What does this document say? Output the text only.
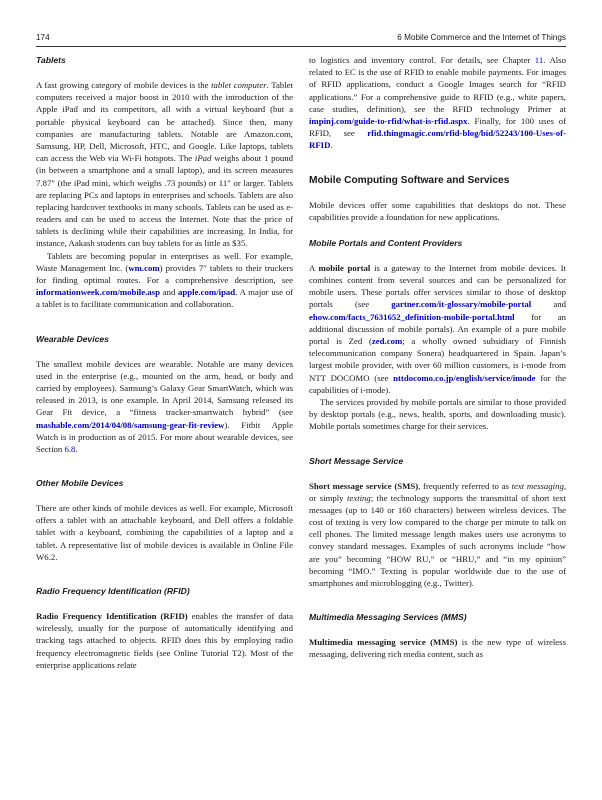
174	6 Mobile Commerce and the Internet of Things
Tablets

A fast growing category of mobile devices is the tablet computer. Tablet computers received a major boost in 2010 with the introduction of the Apple iPad and its competitors, all with a virtual keyboard (but a portable physical keyboard can be attached). Since then, many companies are manufacturing tablets. Notable are Amazon.com, Samsung, HP, Dell, Microsoft, HTC, and Google. Like laptops, tablets can access the Web via Wi-Fi hotspots. The iPad weighs about 1 pound (in between a smartphone and a small laptop), and its screen measures 7.87″ (the iPad mini, which weighs .73 pounds) or 11″ or larger. Tablets are replacing PCs and laptops in enterprises and schools. Tablets are also replacing hardcover textbooks in many schools. Tablets can be used as e-readers and can be used to access the Internet. Note that the price of tablets is declining while their capabilities are increasing. In India, for instance, Aakash students can buy tablets for as little as $35.

Tablets are becoming popular in enterprises as well. For example, Waste Management Inc. (wm.com) provides 7″ tablets to their truckers for finding optimal routes. For a comprehensive description, see informationweek.com/mobile.asp and apple.com/ipad. A major use of a tablet is to facilitate communication and collaboration.

Wearable Devices

The smallest mobile devices are wearable. Notable are many devices used in the enterprise (e.g., mounted on the arm, head, or body and carried by employees). Samsung’s Galaxy Gear SmartWatch, which was released in 2013, is one example. In April 2014, Samsung released its Gear Fit device, a “fitness tracker-smartwatch hybrid” (see mashable.com/2014/04/08/samsung-gear-fit-review). Fitbit Apple Watch is in production as of 2015. For more about wearable devices, see Section 6.8.

Other Mobile Devices

There are other kinds of mobile devices as well. For example, Microsoft offers a tablet with an attachable keyboard, and Dell offers a foldable tablet with a keyboard, combining the capabilities of a laptop and a tablet. A representative list of mobile devices is available in Online File W6.2.

Radio Frequency Identification (RFID)

Radio Frequency Identification (RFID) enables the transfer of data wirelessly, usually for the purpose of automatically identifying and tracking tags attached to objects. RFID does this by employing radio frequency electromagnetic fields (see Online Tutorial T2). Most of the enterprise applications relate

to logistics and inventory control. For details, see Chapter 11. Also related to EC is the use of RFID to enable mobile payments. For images of RFID applications, conduct a Google Images search for “RFID applications.” For a comprehensive guide to RFID (e.g., white papers, case studies, definition), see the RFID technology Primer at impinj.com/guide-to-rfid/what-is-rfid.aspx. Finally, for 100 uses of RFID, see rfid.thingmagic.com/rfid-blog/bid/52243/100-Uses-of-RFID.

Mobile Computing Software and Services

Mobile devices offer some capabilities that desktops do not. These capabilities provide a foundation for new applications.

Mobile Portals and Content Providers

A mobile portal is a gateway to the Internet from mobile devices. It combines content from several sources and can be personalized for mobile users. These portals offer services similar to those of desktop portals (see gartner.com/it-glossary/mobile-portal and ehow.com/facts_7631652_definition-mobile-portal.html for an additional discussion of mobile portals). An example of a pure mobile portal is Zed (zed.com; a wholly owned subsidiary of Finnish telecommunication company Sonera) headquartered in Spain. Japan’s largest mobile provider, with over 60 million customers, is i-mode from NTT DOCOMO (see nttdocomo.co.jp/english/service/imode for the capabilities of i-mode).

The services provided by mobile portals are similar to those provided by desktop portals (e.g., news, health, sports, and downloading music). Mobile portals sometimes charge for their services.

Short Message Service

Short message service (SMS), frequently referred to as text messaging, or simply texting; the technology supports the transmittal of short text messages (up to 140 or 160 characters) between wireless devices. The cost of texting is very low compared to the charge per minute to talk on cell phones. The limited message length makes users use acronyms to convey standard messages. Examples of such acronyms include “how are you” becoming “HOW RU,” or “HRU,” and “in my opinion” becoming “IMO.” Texting is popular worldwide due to the use of smartphones and microblogging (e.g., Twitter).

Multimedia Messaging Services (MMS)

Multimedia messaging service (MMS) is the new type of wireless messaging, delivering rich media content, such as
